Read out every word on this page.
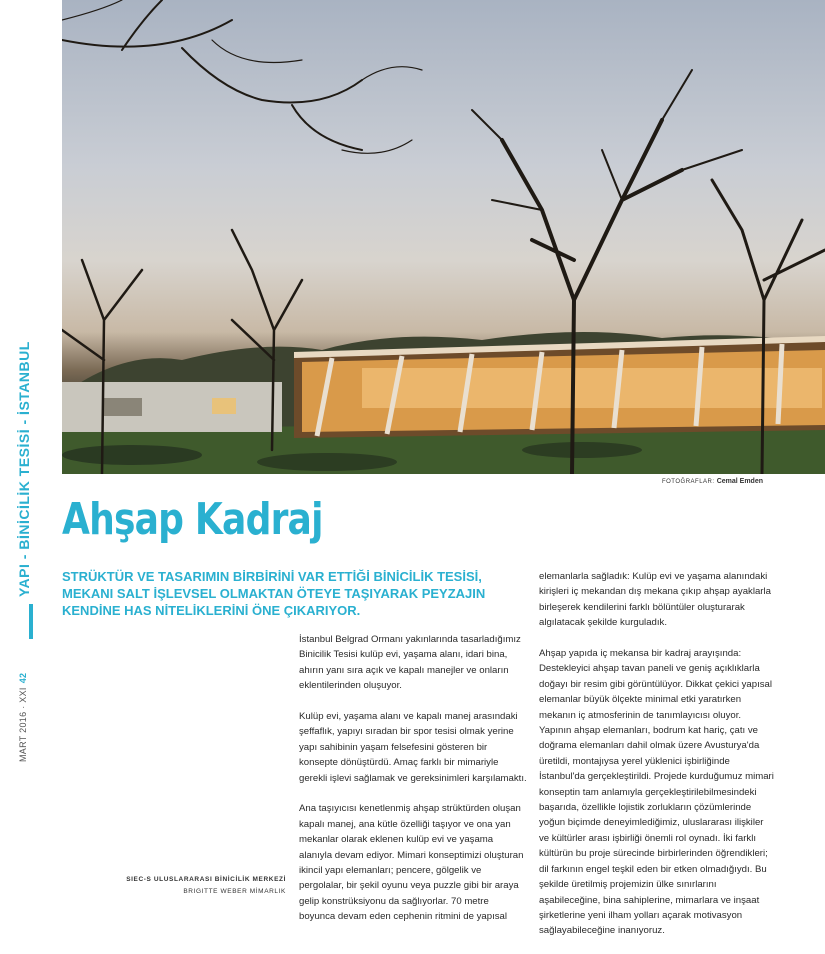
FOTOĞRAFLAR: Cemal Emden
YAPI - BİNİCİLİK TESİSİ - İSTANBUL
MART 2016 · XXI42
Ahşap Kadraj

STRÜKTÜR VE TASARIMIN BİRBİRİNİ VAR ETTİĞİ BİNİCİLİK TESİSİ, MEKANI SALT İŞLEVSEL OLMAKTAN ÖTEYE TAŞIYARAK PEYZAJIN KENDİNE HAS NİTELİKLERİNİ ÖNE ÇIKARIYOR.

İstanbul Belgrad Ormanı yakınlarında tasarladığımız Binicilik Tesisi kulüp evi, yaşama alanı, idari bina, ahırın yanı sıra açık ve kapalı manejler ve onların eklentilerinden oluşuyor.

Kulüp evi, yaşama alanı ve kapalı manej arasındaki şeffaflık, yapıyı sıradan bir spor tesisi olmak yerine yapı sahibinin yaşam felsefesini gösteren bir konsepte dönüştürdü. Amaç farklı bir mimariyle gerekli işlevi sağlamak ve gereksinimleri karşılamaktı.

Ana taşıyıcısı kenetlenmiş ahşap strüktürden oluşan kapalı manej, ana kütle özelliği taşıyor ve ona yan mekanlar olarak eklenen kulüp evi ve yaşama alanıyla devam ediyor. Mimari konseptimizi oluşturan ikincil yapı elemanları; pencere, gölgelik ve pergolalar, bir şekil oyunu veya puzzle gibi bir araya gelip konstrüksiyonu da sağlıyorlar. 70 metre boyunca devam eden cephenin ritmini de yapısal

elemanlarla sağladık: Kulüp evi ve yaşama alanındaki kirişleri iç mekandan dış mekana çıkıp ahşap ayaklarla birleşerek kendilerini farklı bölüntüler oluşturarak algılatacak şekilde kurguladık.

Ahşap yapıda iç mekansa bir kadraj arayışında: Destekleyici ahşap tavan paneli ve geniş açıklıklarla doğayı bir resim gibi görüntülüyor. Dikkat çekici yapısal elemanlar büyük ölçekte minimal etki yaratırken mekanın iç atmosferinin de tanımlayıcısı oluyor. Yapının ahşap elemanları, bodrum kat hariç, çatı ve doğrama elemanları dahil olmak üzere Avusturya'da üretildi, montajıysa yerel yüklenici işbirliğinde İstanbul'da gerçekleştirildi. Projede kurduğumuz mimari konseptin tam anlamıyla gerçekleştirilebilmesindeki başarıda, özellikle lojistik zorlukların çözümlerinde yoğun biçimde deneyimlediğimiz, uluslararası ilişkiler ve kültürler arası işbirliği önemli rol oynadı. İki farklı kültürün bu proje sürecinde birbirlerinden öğrendikleri; dil farkının engel teşkil eden bir etken olmadığıydı. Bu şekilde üretilmiş projemizin ülke sınırlarını aşabileceğine, bina sahiplerine, mimarlara ve inşaat şirketlerine yeni ilham yolları açarak motivasyon sağlayabileceğine inanıyoruz.

SIEC-S ULUSLARARASI BİNİCİLİK MERKEZİ
BRIGITTE WEBER MİMARLIK
